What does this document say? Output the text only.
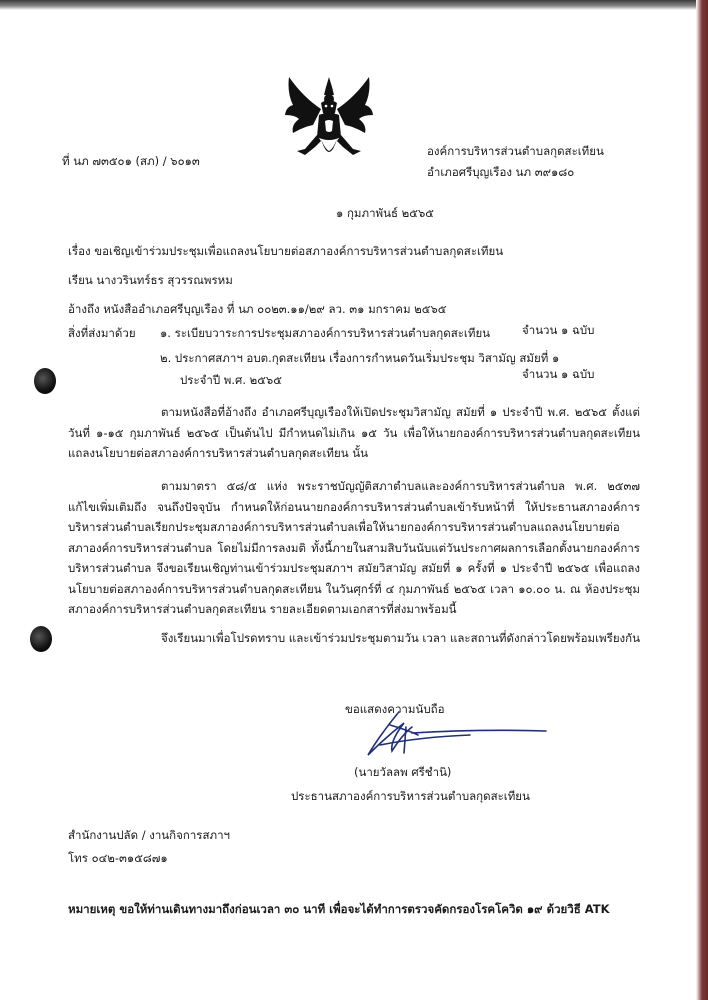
ที่ นภ ๗๓๕๐๑ (สภ) / ๖๐๑๓
องค์การบริหารส่วนตำบลกุดสะเทียน
อำเภอศรีบุญเรือง นภ ๓๙๑๘๐
๑ กุมภาพันธ์ ๒๕๖๕
เรื่อง ขอเชิญเข้าร่วมประชุมเพื่อแถลงนโยบายต่อสภาองค์การบริหารส่วนตำบลกุดสะเทียน
เรียน นางวรินทร์ธร สุวรรณพรหม
อ้างถึง หนังสืออำเภอศรีบุญเรือง ที่ นภ ๐๐๒๓.๑๑/๒๙ ลว. ๓๑ มกราคม ๒๕๖๕
สิ่งที่ส่งมาด้วย ๑. ระเบียบวาระการประชุมสภาองค์การบริหารส่วนตำบลกุดสะเทียน	จำนวน ๑ ฉบับ
๒. ประกาศสภาฯ อบต.กุดสะเทียน เรื่องการกำหนดวันเริ่มประชุม วิสามัญ สมัยที่ ๑
ประจำปี พ.ศ. ๒๕๖๕	จำนวน ๑ ฉบับ
ตามหนังสือที่อ้างถึง อำเภอศรีบุญเรืองให้เปิดประชุมวิสามัญ สมัยที่ ๑ ประจำปี พ.ศ. ๒๕๖๕ ตั้งแต่วันที่ ๑-๑๕ กุมภาพันธ์ ๒๕๖๕ เป็นต้นไป มีกำหนดไม่เกิน ๑๕ วัน เพื่อให้นายกองค์การบริหารส่วนตำบลกุดสะเทียน แถลงนโยบายต่อสภาองค์การบริหารส่วนตำบลกุดสะเทียน นั้น
ตามมาตรา ๕๘/๕ แห่ง พระราชบัญญัติสภาตำบลและองค์การบริหารส่วนตำบล พ.ศ. ๒๕๓๗ แก้ไขเพิ่มเติมถึง จนถึงปัจจุบัน กำหนดให้ก่อนนายกองค์การบริหารส่วนตำบลเข้ารับหน้าที่ ให้ประธานสภาองค์การบริหารส่วนตำบลเรียกประชุมสภาองค์การบริหารส่วนตำบลเพื่อให้นายกองค์การบริหารส่วนตำบลแถลงนโยบายต่อสภาองค์การบริหารส่วนตำบล โดยไม่มีการลงมติ ทั้งนี้ภายในสามสิบวันนับแต่วันประกาศผลการเลือกตั้งนายกองค์การบริหารส่วนตำบล จึงขอเรียนเชิญท่านเข้าร่วมประชุมสภาฯ สมัยวิสามัญ สมัยที่ ๑ ครั้งที่ ๑ ประจำปี ๒๕๖๕ เพื่อแถลงนโยบายต่อสภาองค์การบริหารส่วนตำบลกุดสะเทียน ในวันศุกร์ที่ ๔ กุมภาพันธ์ ๒๕๖๕ เวลา ๑๐.๐๐ น. ณ ห้องประชุมสภาองค์การบริหารส่วนตำบลกุดสะเทียน รายละเอียดตามเอกสารที่ส่งมาพร้อมนี้
จึงเรียนมาเพื่อโปรดทราบ และเข้าร่วมประชุมตามวัน เวลา และสถานที่ดังกล่าวโดยพร้อมเพรียงกัน
ขอแสดงความนับถือ
(นายวัลลพ ศรีชำนิ)
ประธานสภาองค์การบริหารส่วนตำบลกุดสะเทียน
สำนักงานปลัด / งานกิจการสภาฯ
โทร ๐๔๒-๓๑๕๘๗๑
หมายเหตุ ขอให้ท่านเดินทางมาถึงก่อนเวลา ๓๐ นาที เพื่อจะได้ทำการตรวจคัดกรองโรคโควิด ๑๙ ด้วยวิธี ATK
